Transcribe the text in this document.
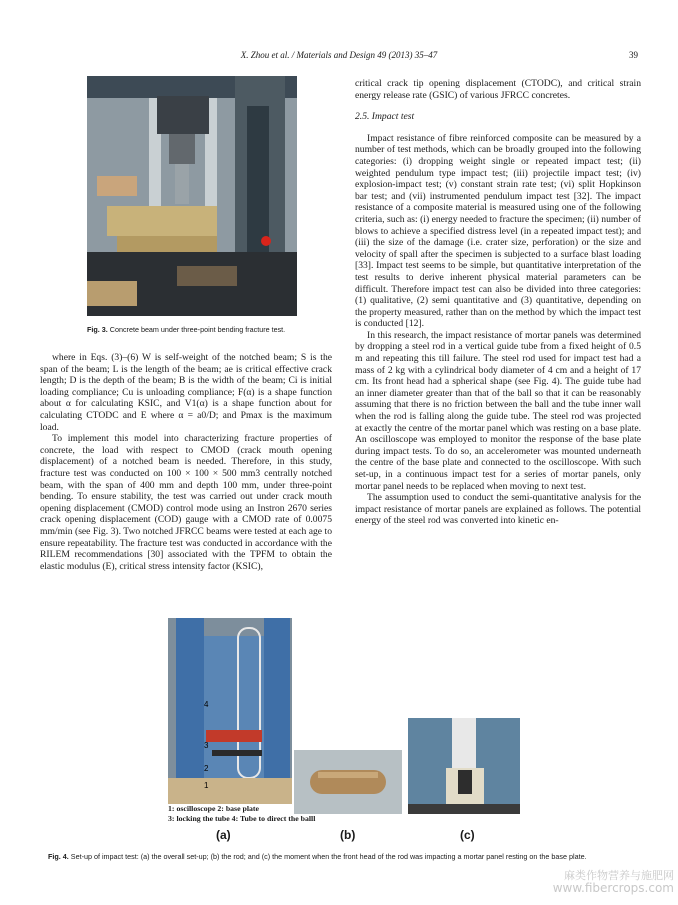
X. Zhou et al. / Materials and Design 49 (2013) 35–47	39
Fig. 3. Concrete beam under three-point bending fracture test.

where in Eqs. (3)–(6) W is self-weight of the notched beam; S is the span of the beam; L is the length of the beam; ae is critical effective crack length; D is the depth of the beam; B is the width of the beam; Ci is initial loading compliance; Cu is unloading compliance; F(α) is a shape function about α for calculating KSIC, and V1(α) is a shape function about for calculating CTODC and E where α = a0/D; and Pmax is the maximum load.

To implement this model into characterizing fracture properties of concrete, the load with respect to CMOD (crack mouth opening displacement) of a notched beam is needed. Therefore, in this study, fracture test was conducted on 100 × 100 × 500 mm3 centrally notched beam, with the span of 400 mm and depth 100 mm, under three-point bending. To ensure stability, the test was carried out under crack mouth opening displacement (CMOD) control mode using an Instron 2670 series crack opening displacement (COD) gauge with a CMOD rate of 0.0075 mm/min (see Fig. 3). Two notched JFRCC beams were tested at each age to ensure repeatability. The fracture test was conducted in accordance with the RILEM recommendations [30] associated with the TPFM to obtain the elastic modulus (E), critical stress intensity factor (KSIC),

critical crack tip opening displacement (CTODC), and critical strain energy release rate (GSIC) of various JFRCC concretes.

2.5. Impact test

Impact resistance of fibre reinforced composite can be measured by a number of test methods, which can be broadly grouped into the following categories: (i) dropping weight single or repeated impact test; (ii) weighted pendulum type impact test; (iii) projectile impact test; (iv) explosion-impact test; (v) constant strain rate test; (vi) split Hopkinson bar test; and (vii) instrumented pendulum impact test [32]. The impact resistance of a composite material is measured using one of the following criteria, such as: (i) energy needed to fracture the specimen; (ii) number of blows to achieve a specified distress level (in a repeated impact test); and (iii) the size of the damage (i.e. crater size, perforation) or the size and velocity of spall after the specimen is subjected to a surface blast loading [33]. Impact test seems to be simple, but quantitative interpretation of the test results to derive inherent physical material parameters can be difficult. Therefore impact test can also be divided into three categories: (1) qualitative, (2) semi quantitative and (3) quantitative, depending on the property measured, rather than on the method by which the impact test is conducted [12].

In this research, the impact resistance of mortar panels was determined by dropping a steel rod in a vertical guide tube from a fixed height of 0.5 m and repeating this till failure. The steel rod used for impact test had a mass of 2 kg with a cylindrical body diameter of 4 cm and a height of 17 cm. Its front head had a spherical shape (see Fig. 4). The guide tube had an inner diameter greater than that of the ball so that it can be reasonably assuming that there is no friction between the ball and the tube inner wall when the rod is falling along the guide tube. The steel rod was projected at exactly the centre of the mortar panel which was resting on a base plate. An oscilloscope was employed to monitor the response of the base plate during impact tests. To do so, an accelerometer was mounted underneath the centre of the base plate and connected to the oscilloscope. With such set-up, in a continuous impact test for a series of mortar panels, only mortar panel needs to be replaced when moving to next test.

The assumption used to conduct the semi-quantitative analysis for the impact resistance of mortar panels are explained as follows. The potential energy of the steel rod was converted into kinetic en-

4
3
2
1
1: oscilloscope 2: base plate
3: locking the tube 4: Tube to direct the balll
(a)	(b)	(c)
Fig. 4. Set-up of impact test: (a) the overall set-up; (b) the rod; and (c) the moment when the front head of the rod was impacting a mortar panel resting on the base plate.
麻类作物营养与施肥网
www.fibercrops.com
